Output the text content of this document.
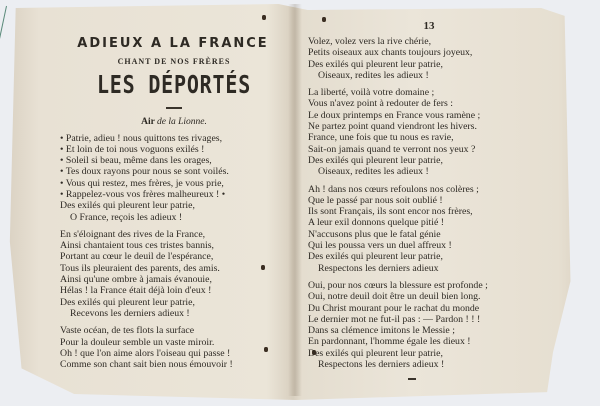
ADIEUX A LA FRANCE
CHANT DE NOS FRÈRES
LES DÉPORTÉS
Air de la Lionne.
• Patrie, adieu ! nous quittons tes rivages,
• Et loin de toi nous voguons exilés !
• Soleil si beau, même dans les orages,
• Tes doux rayons pour nous se sont voilés.
• Vous qui restez, mes frères, je vous prie,
• Rappelez-vous vos frères malheureux ! •
Des exilés qui pleurent leur patrie,
O France, reçois les adieux !
En s'éloignant des rives de la France,
Ainsi chantaient tous ces tristes bannis,
Portant au cœur le deuil de l'espérance,
Tous ils pleuraient des parents, des amis.
Ainsi qu'une ombre à jamais évanouie,
Hélas ! la France était déjà loin d'eux !
Des exilés qui pleurent leur patrie,
Recevons les derniers adieux !
Vaste océan, de tes flots la surface
Pour la douleur semble un vaste miroir.
Oh ! que l'on aime alors l'oiseau qui passe !
Comme son chant sait bien nous émouvoir !
13
Volez, volez vers la rive chérie,
Petits oiseaux aux chants toujours joyeux,
Des exilés qui pleurent leur patrie,
Oiseaux, redites les adieux !
La liberté, voilà votre domaine ;
Vous n'avez point à redouter de fers :
Le doux printemps en France vous ramène ;
Ne partez point quand viendront les hivers.
France, une fois que tu nous es ravie,
Sait-on jamais quand te verront nos yeux ?
Des exilés qui pleurent leur patrie,
Oiseaux, redites les adieux !
Ah ! dans nos cœurs refoulons nos colères ;
Que le passé par nous soit oublié !
Ils sont Français, ils sont encor nos frères,
A leur exil donnons quelque pitié !
N'accusons plus que le fatal génie
Qui les poussa vers un duel affreux !
Des exilés qui pleurent leur patrie,
Respectons les derniers adieux
Oui, pour nos cœurs la blessure est profonde ;
Oui, notre deuil doit être un deuil bien long.
Du Christ mourant pour le rachat du monde
Le dernier mot ne fut-il pas : — Pardon ! ! !
Dans sa clémence imitons le Messie ;
En pardonnant, l'homme égale les dieux !
Des exilés qui pleurent leur patrie,
Respectons les derniers adieux !
